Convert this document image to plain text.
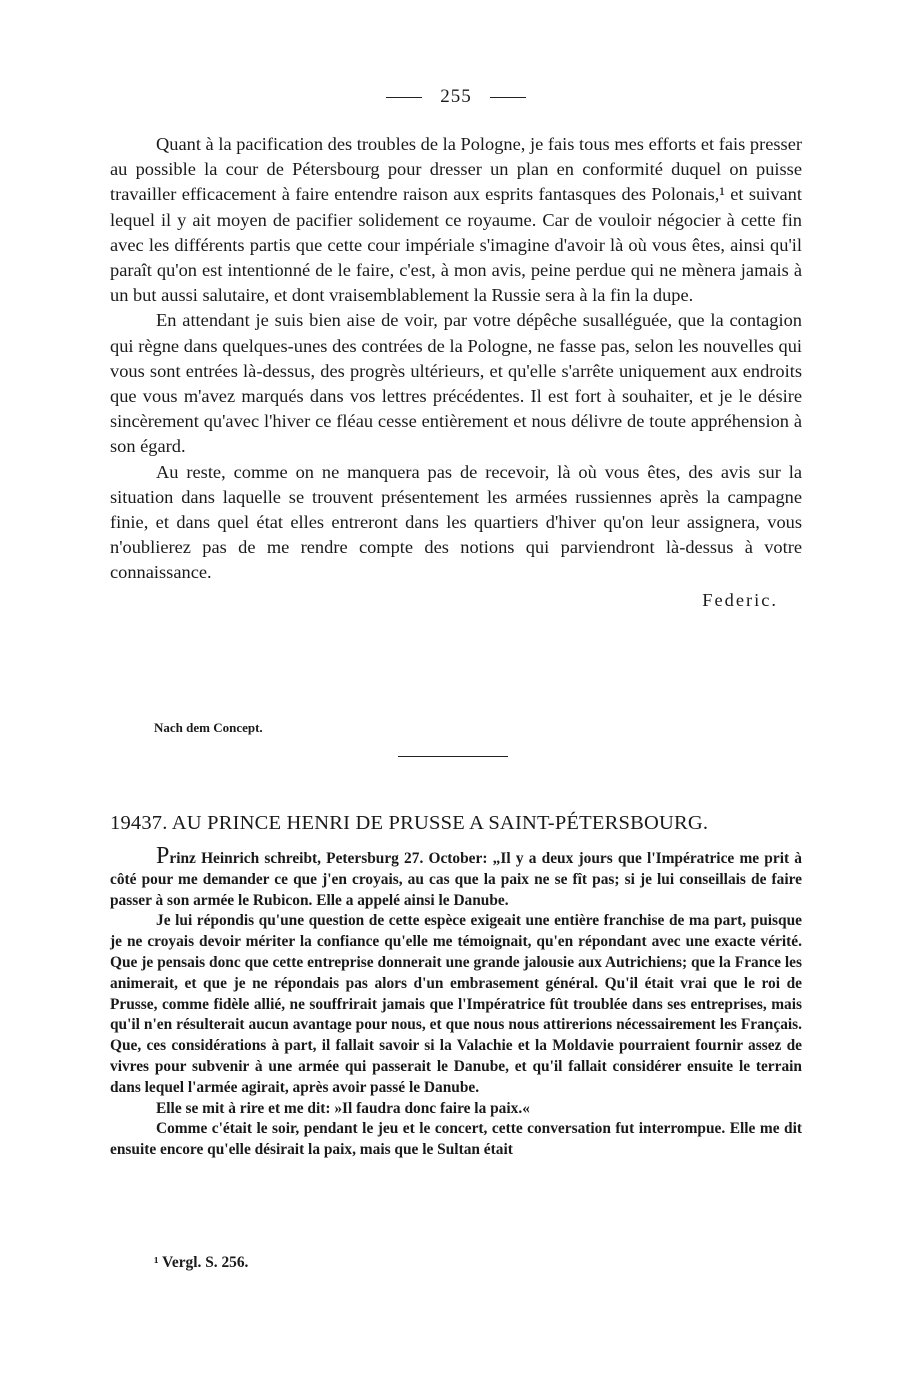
255

Quant à la pacification des troubles de la Pologne, je fais tous mes efforts et fais presser au possible la cour de Pétersbourg pour dresser un plan en conformité duquel on puisse travailler efficacement à faire entendre raison aux esprits fantasques des Polonais,¹ et suivant lequel il y ait moyen de pacifier solidement ce royaume. Car de vouloir négocier à cette fin avec les différents partis que cette cour impériale s'imagine d'avoir là où vous êtes, ainsi qu'il paraît qu'on est intentionné de le faire, c'est, à mon avis, peine perdue qui ne mènera jamais à un but aussi salutaire, et dont vraisemblablement la Russie sera à la fin la dupe.

En attendant je suis bien aise de voir, par votre dépêche susalléguée, que la contagion qui règne dans quelques-unes des contrées de la Pologne, ne fasse pas, selon les nouvelles qui vous sont entrées là-dessus, des progrès ultérieurs, et qu'elle s'arrête uniquement aux endroits que vous m'avez marqués dans vos lettres précédentes. Il est fort à souhaiter, et je le désire sincèrement qu'avec l'hiver ce fléau cesse entièrement et nous délivre de toute appréhension à son égard.

Au reste, comme on ne manquera pas de recevoir, là où vous êtes, des avis sur la situation dans laquelle se trouvent présentement les armées russiennes après la campagne finie, et dans quel état elles entreront dans les quartiers d'hiver qu'on leur assignera, vous n'oublierez pas de me rendre compte des notions qui parviendront là-dessus à votre connaissance.

Federic.
Nach dem Concept.
19437. AU PRINCE HENRI DE PRUSSE A SAINT-PÉTERSBOURG.

Prinz Heinrich schreibt, Petersburg 27. October: „Il y a deux jours que l'Impératrice me prit à côté pour me demander ce que j'en croyais, au cas que la paix ne se fît pas; si je lui conseillais de faire passer à son armée le Rubicon. Elle a appelé ainsi le Danube.

Je lui répondis qu'une question de cette espèce exigeait une entière franchise de ma part, puisque je ne croyais devoir mériter la confiance qu'elle me témoignait, qu'en répondant avec une exacte vérité. Que je pensais donc que cette entreprise donnerait une grande jalousie aux Autrichiens; que la France les animerait, et que je ne répondais pas alors d'un embrasement général. Qu'il était vrai que le roi de Prusse, comme fidèle allié, ne souffrirait jamais que l'Impératrice fût troublée dans ses entreprises, mais qu'il n'en résulterait aucun avantage pour nous, et que nous nous attirerions nécessairement les Français. Que, ces considérations à part, il fallait savoir si la Valachie et la Moldavie pourraient fournir assez de vivres pour subvenir à une armée qui passerait le Danube, et qu'il fallait considérer ensuite le terrain dans lequel l'armée agirait, après avoir passé le Danube.

Elle se mit à rire et me dit: »Il faudra donc faire la paix.«

Comme c'était le soir, pendant le jeu et le concert, cette conversation fut interrompue. Elle me dit ensuite encore qu'elle désirait la paix, mais que le Sultan était

¹ Vergl. S. 256.
